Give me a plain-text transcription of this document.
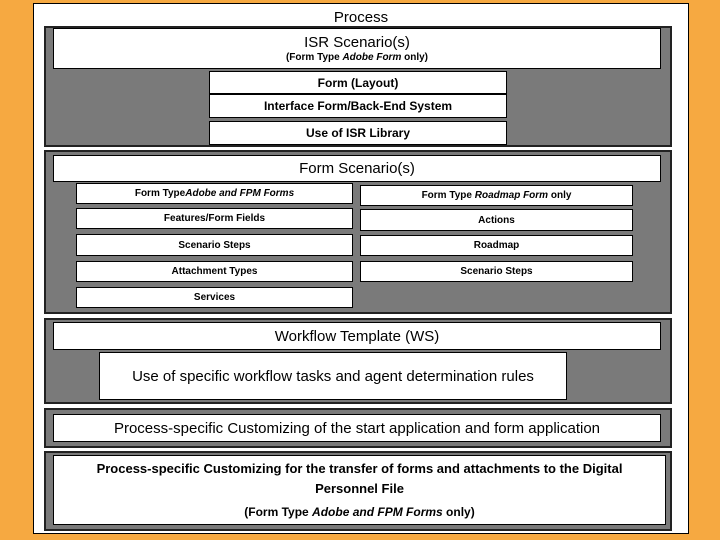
Process
ISR Scenario(s)
(Form Type Adobe Form only)
Form (Layout)
Interface Form/Back-End System
Use of ISR Library
Form Scenario(s)
Form Type Adobe and FPM Forms
Features/Form Fields
Scenario Steps
Attachment Types
Services
Form Type Roadmap Form only
Actions
Roadmap
Scenario Steps
Workflow Template (WS)
Use of specific workflow tasks and agent determination rules
Process-specific Customizing of the start application and form application
Process-specific Customizing for the transfer of forms and attachments to the Digital Personnel File
(Form Type Adobe and FPM Forms only)
